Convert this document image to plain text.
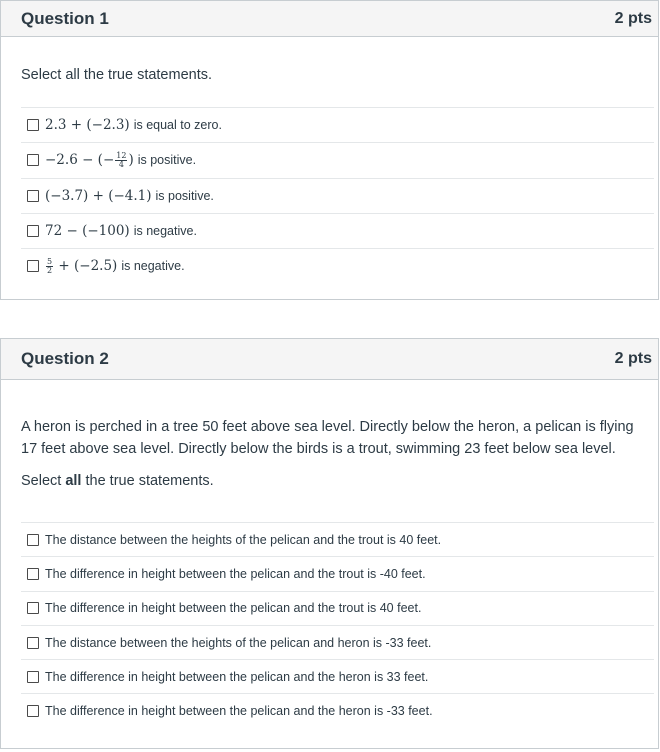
Question 1	2 pts

Select all the true statements.

2.3 + (−2.3) is equal to zero.
−2.6 − (− $\frac{12}{4}$ ) is positive.
(−3.7) + (−4.1) is positive.
72 − (−100) is negative.
$\frac{5}{2} + (-2.5)$ is negative.
Question 2	2 pts

A heron is perched in a tree 50 feet above sea level. Directly below the heron, a pelican is flying 17 feet above sea level. Directly below the birds is a trout, swimming 23 feet below sea level.

Select all the true statements.

The distance between the heights of the pelican and the trout is 40 feet.
The difference in height between the pelican and the trout is -40 feet.
The difference in height between the pelican and the trout is 40 feet.
The distance between the heights of the pelican and heron is -33 feet.
The difference in height between the pelican and the heron is 33 feet.
The difference in height between the pelican and the heron is -33 feet.
